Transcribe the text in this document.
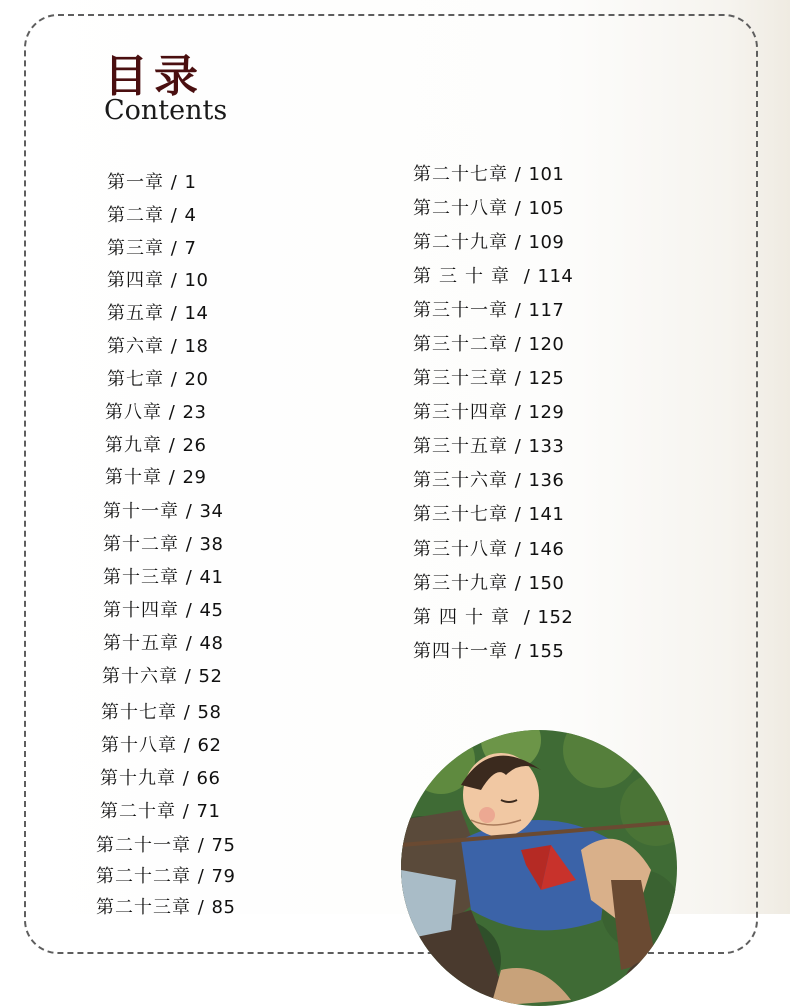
目录
Contents
第一章 / 1
第二章 / 4
第三章 / 7
第四章 / 10
第五章 / 14
第六章 / 18
第七章 / 20
第八章 / 23
第九章 / 26
第十章 / 29
第十一章 / 34
第十二章 / 38
第十三章 / 41
第十四章 / 45
第十五章 / 48
第十六章 / 52
第十七章 / 58
第十八章 / 62
第十九章 / 66
第二十章 / 71
第二十一章 / 75
第二十二章 / 79
第二十三章 / 85
第二十七章 / 101
第二十八章 / 105
第二十九章 / 109
第三十章 / 114
第三十一章 / 117
第三十二章 / 120
第三十三章 / 125
第三十四章 / 129
第三十五章 / 133
第三十六章 / 136
第三十七章 / 141
第三十八章 / 146
第三十九章 / 150
第四十章 / 152
第四十一章 / 155
